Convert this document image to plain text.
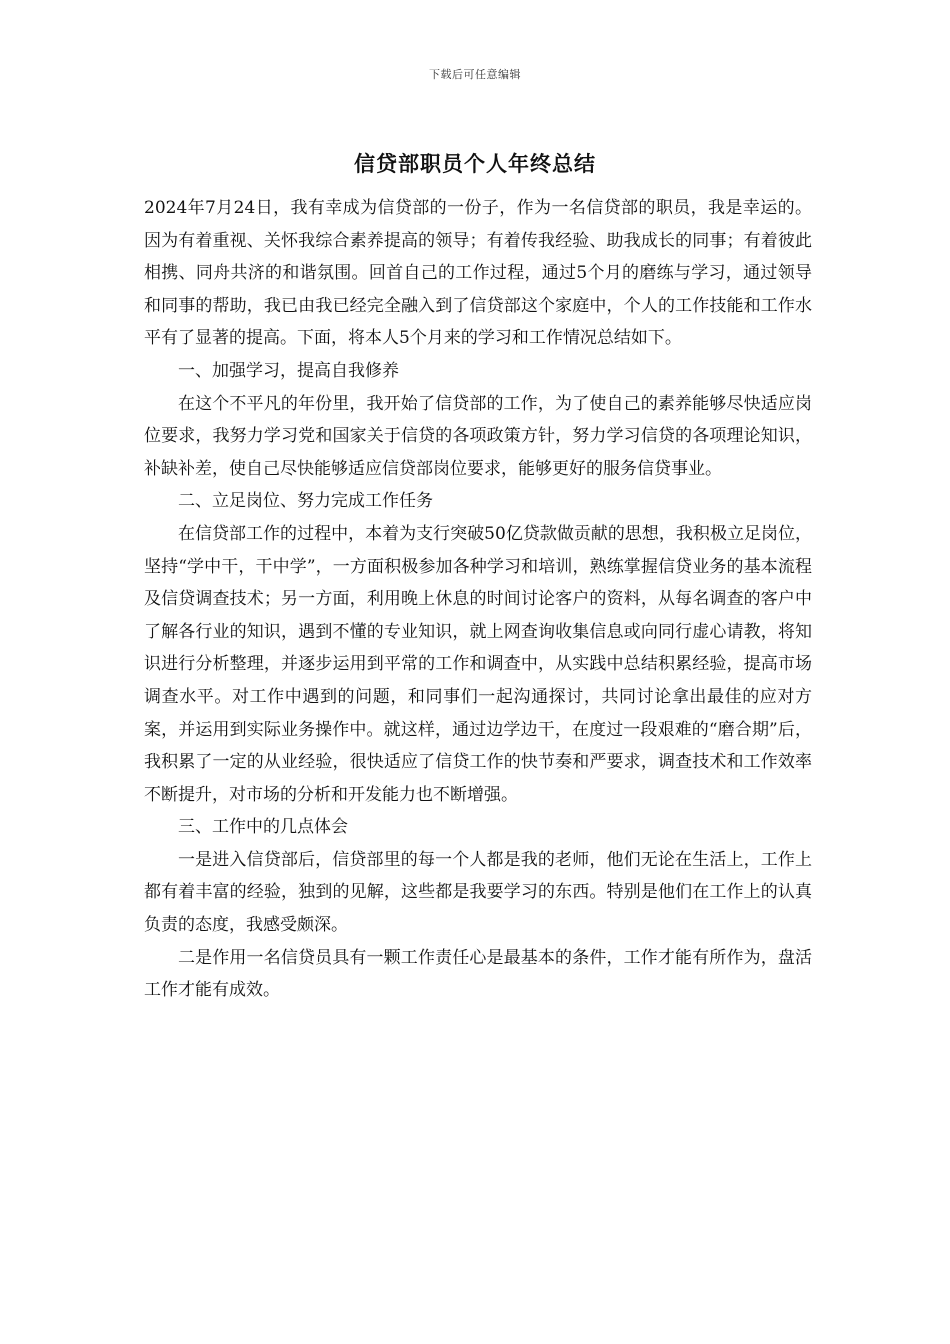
下载后可任意编辑
信贷部职员个人年终总结

2024年7月24日，我有幸成为信贷部的一份子，作为一名信贷部的职员，我是幸运的。因为有着重视、关怀我综合素养提高的领导；有着传我经验、助我成长的同事；有着彼此相携、同舟共济的和谐氛围。回首自己的工作过程，通过5个月的磨练与学习，通过领导和同事的帮助，我已由我已经完全融入到了信贷部这个家庭中，个人的工作技能和工作水平有了显著的提高。下面，将本人5个月来的学习和工作情况总结如下。

一、加强学习，提高自我修养

在这个不平凡的年份里，我开始了信贷部的工作，为了使自己的素养能够尽快适应岗位要求，我努力学习党和国家关于信贷的各项政策方针，努力学习信贷的各项理论知识，补缺补差，使自己尽快能够适应信贷部岗位要求，能够更好的服务信贷事业。

二、立足岗位、努力完成工作任务

在信贷部工作的过程中，本着为支行突破50亿贷款做贡献的思想，我积极立足岗位，坚持“学中干，干中学”，一方面积极参加各种学习和培训，熟练掌握信贷业务的基本流程及信贷调查技术；另一方面，利用晚上休息的时间讨论客户的资料，从每名调查的客户中了解各行业的知识，遇到不懂的专业知识，就上网查询收集信息或向同行虚心请教，将知识进行分析整理，并逐步运用到平常的工作和调查中，从实践中总结积累经验，提高市场调查水平。对工作中遇到的问题，和同事们一起沟通探讨，共同讨论拿出最佳的应对方案，并运用到实际业务操作中。就这样，通过边学边干，在度过一段艰难的“磨合期”后，我积累了一定的从业经验，很快适应了信贷工作的快节奏和严要求，调查技术和工作效率不断提升，对市场的分析和开发能力也不断增强。

三、工作中的几点体会

一是进入信贷部后，信贷部里的每一个人都是我的老师，他们无论在生活上，工作上都有着丰富的经验，独到的见解，这些都是我要学习的东西。特别是他们在工作上的认真负责的态度，我感受颇深。

二是作用一名信贷员具有一颗工作责任心是最基本的条件，工作才能有所作为，盘活工作才能有成效。
